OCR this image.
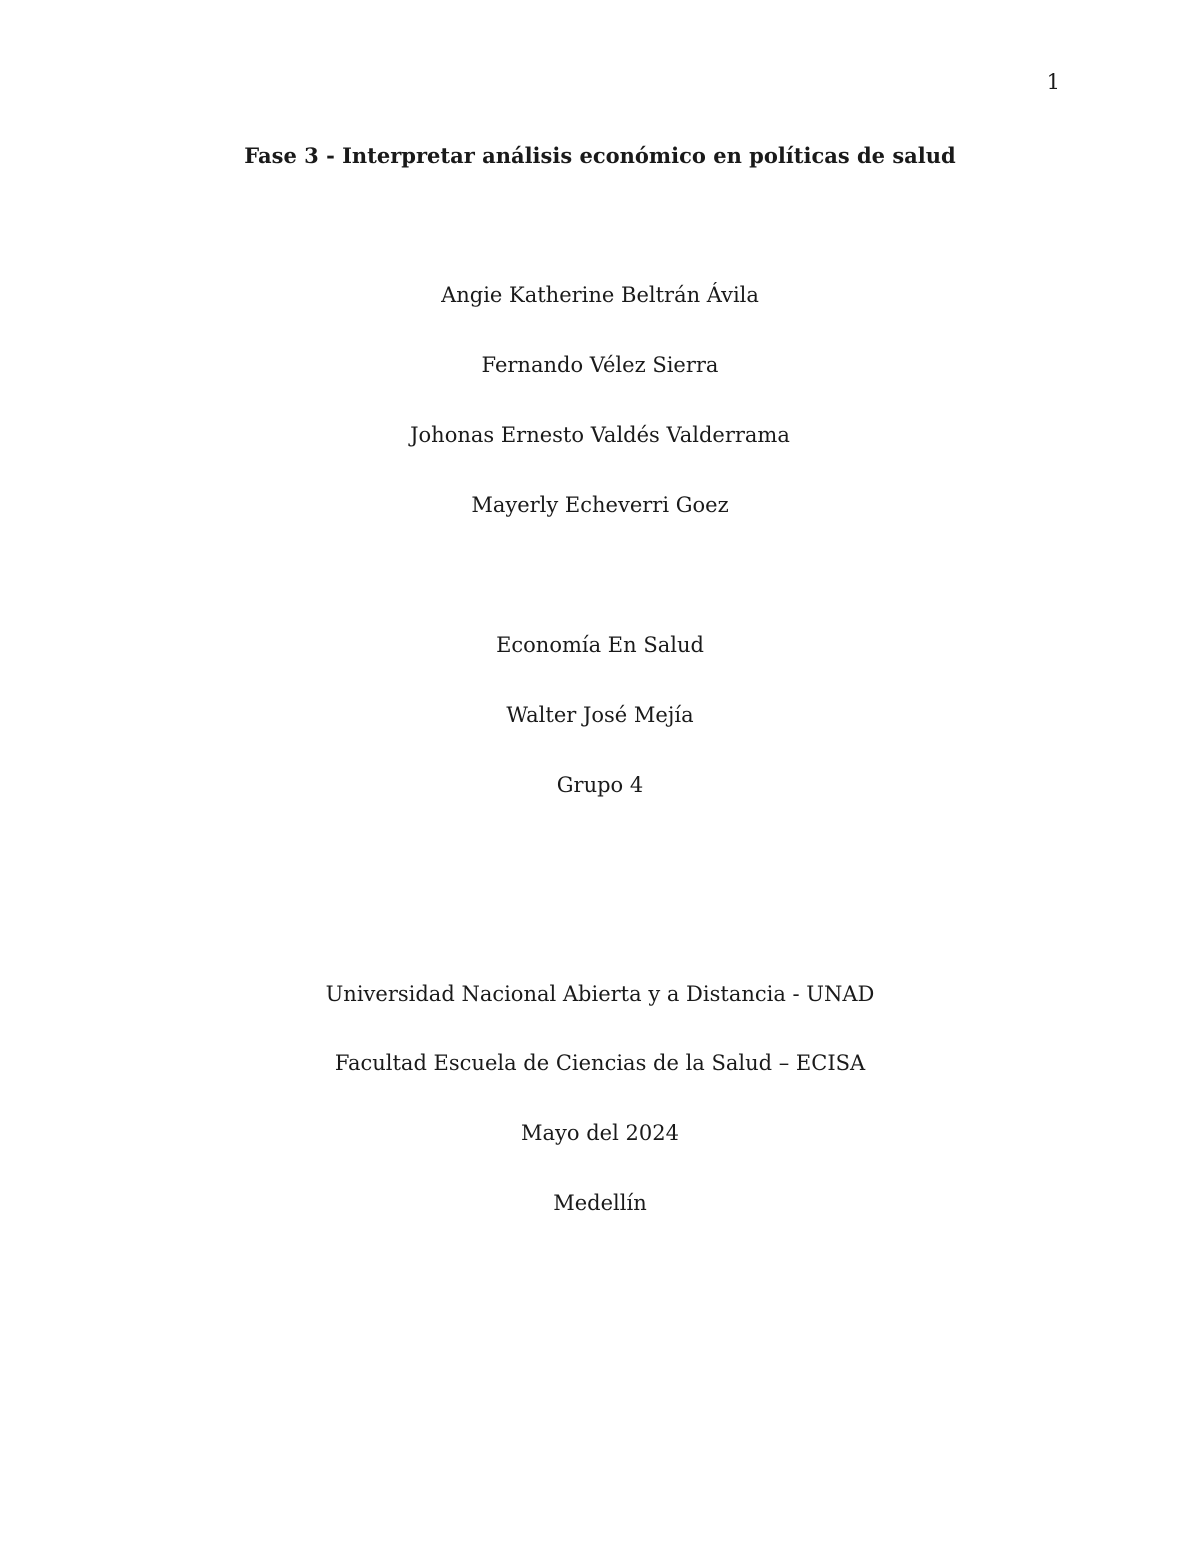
1
Fase 3 - Interpretar análisis económico en políticas de salud
Angie Katherine Beltrán Ávila
Fernando Vélez Sierra
Johonas Ernesto Valdés Valderrama
Mayerly Echeverri Goez
Economía En Salud
Walter José Mejía
Grupo 4
Universidad Nacional Abierta y a Distancia - UNAD
Facultad Escuela de Ciencias de la Salud – ECISA
Mayo del 2024
Medellín
